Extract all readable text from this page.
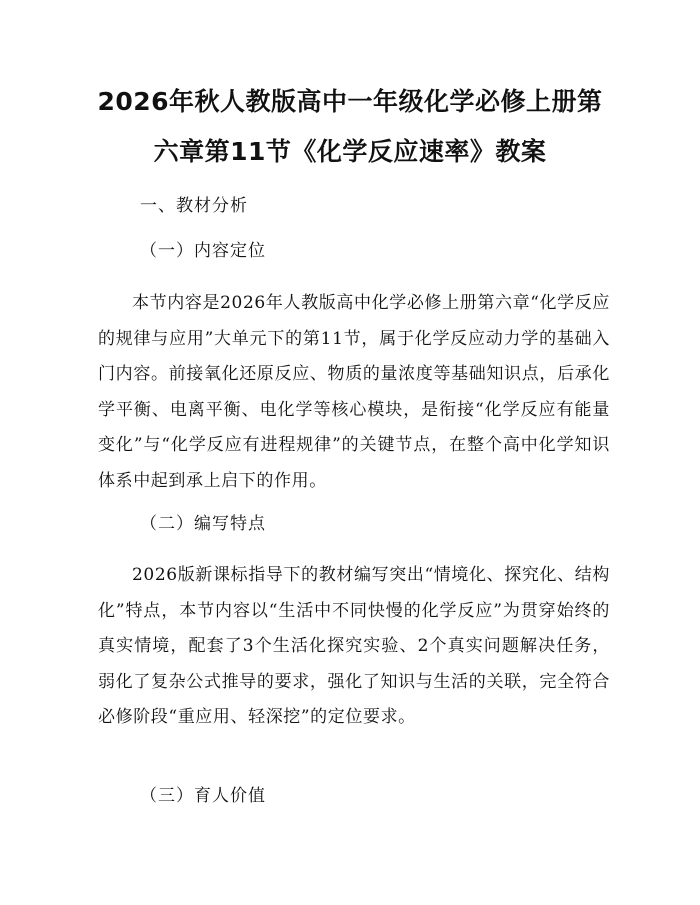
2026年秋人教版高中一年级化学必修上册第
六章第11节《化学反应速率》教案
一、教材分析
（一）内容定位
本节内容是2026年人教版高中化学必修上册第六章“化学反应的规律与应用”大单元下的第11节，属于化学反应动力学的基础入门内容。前接氧化还原反应、物质的量浓度等基础知识点，后承化学平衡、电离平衡、电化学等核心模块，是衔接“化学反应有能量变化”与“化学反应有进程规律”的关键节点，在整个高中化学知识体系中起到承上启下的作用。
（二）编写特点
2026版新课标指导下的教材编写突出“情境化、探究化、结构化”特点，本节内容以“生活中不同快慢的化学反应”为贯穿始终的真实情境，配套了3个生活化探究实验、2个真实问题解决任务，弱化了复杂公式推导的要求，强化了知识与生活的关联，完全符合必修阶段“重应用、轻深挖”的定位要求。
（三）育人价值
